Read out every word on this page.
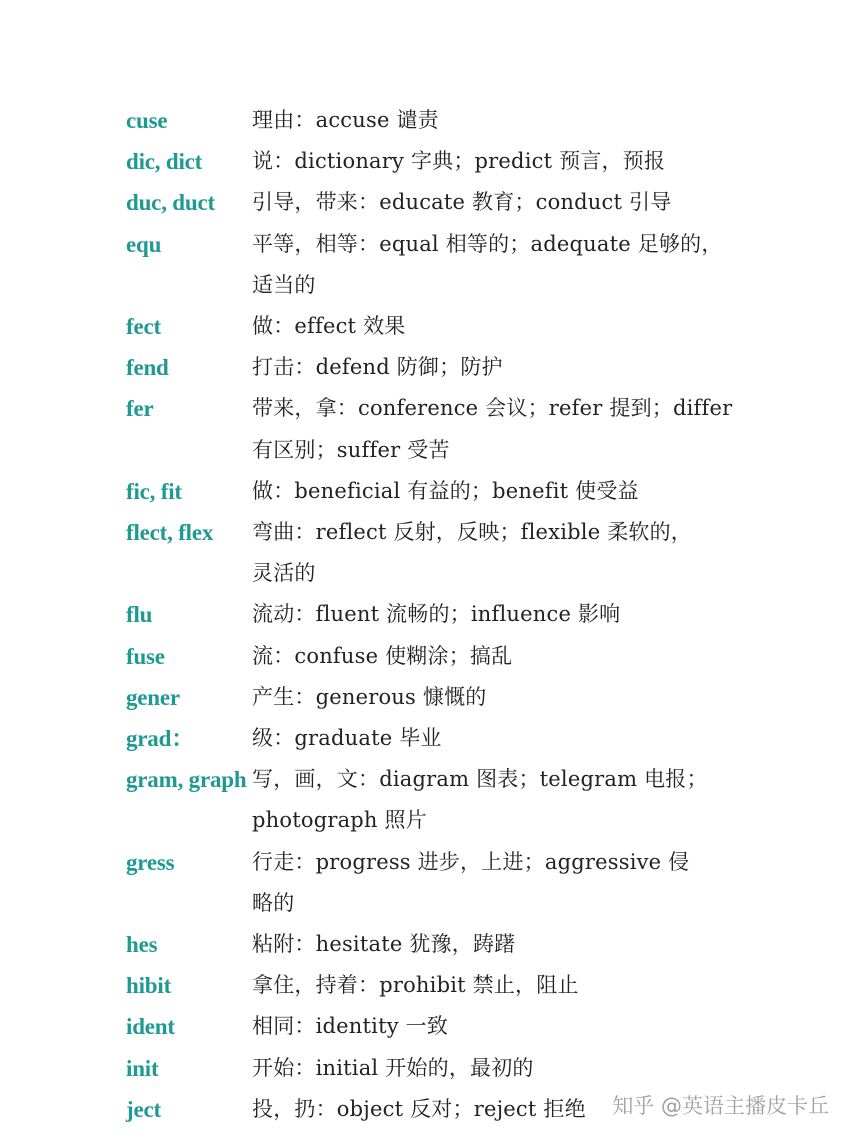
cuse	理由：accuse 谴责
dic, dict	说：dictionary 字典；predict 预言，预报
duc, duct	引导，带来：educate 教育；conduct 引导
equ	平等，相等：equal 相等的；adequate 足够的，
适当的
fect	做：effect 效果
fend	打击：defend 防御；防护
fer	带来，拿：conference 会议；refer 提到；differ
有区别；suffer 受苦
fic, fit	做：beneficial 有益的；benefit 使受益
flect, flex	弯曲：reflect 反射，反映；flexible 柔软的，
灵活的
flu	流动：fluent 流畅的；influence 影响
fuse	流：confuse 使糊涂；搞乱
gener	产生：generous 慷慨的
grad：	级：graduate 毕业
gram, graph 写，画，文：diagram 图表；telegram 电报；
photograph 照片
gress	行走：progress 进步，上进；aggressive 侵
略的
hes	粘附：hesitate 犹豫，踌躇
hibit	拿住，持着：prohibit 禁止，阻止
ident	相同：identity 一致
init	开始：initial 开始的，最初的
ject	投，扔：object 反对；reject 拒绝	知乎 @英语主播皮卡丘
